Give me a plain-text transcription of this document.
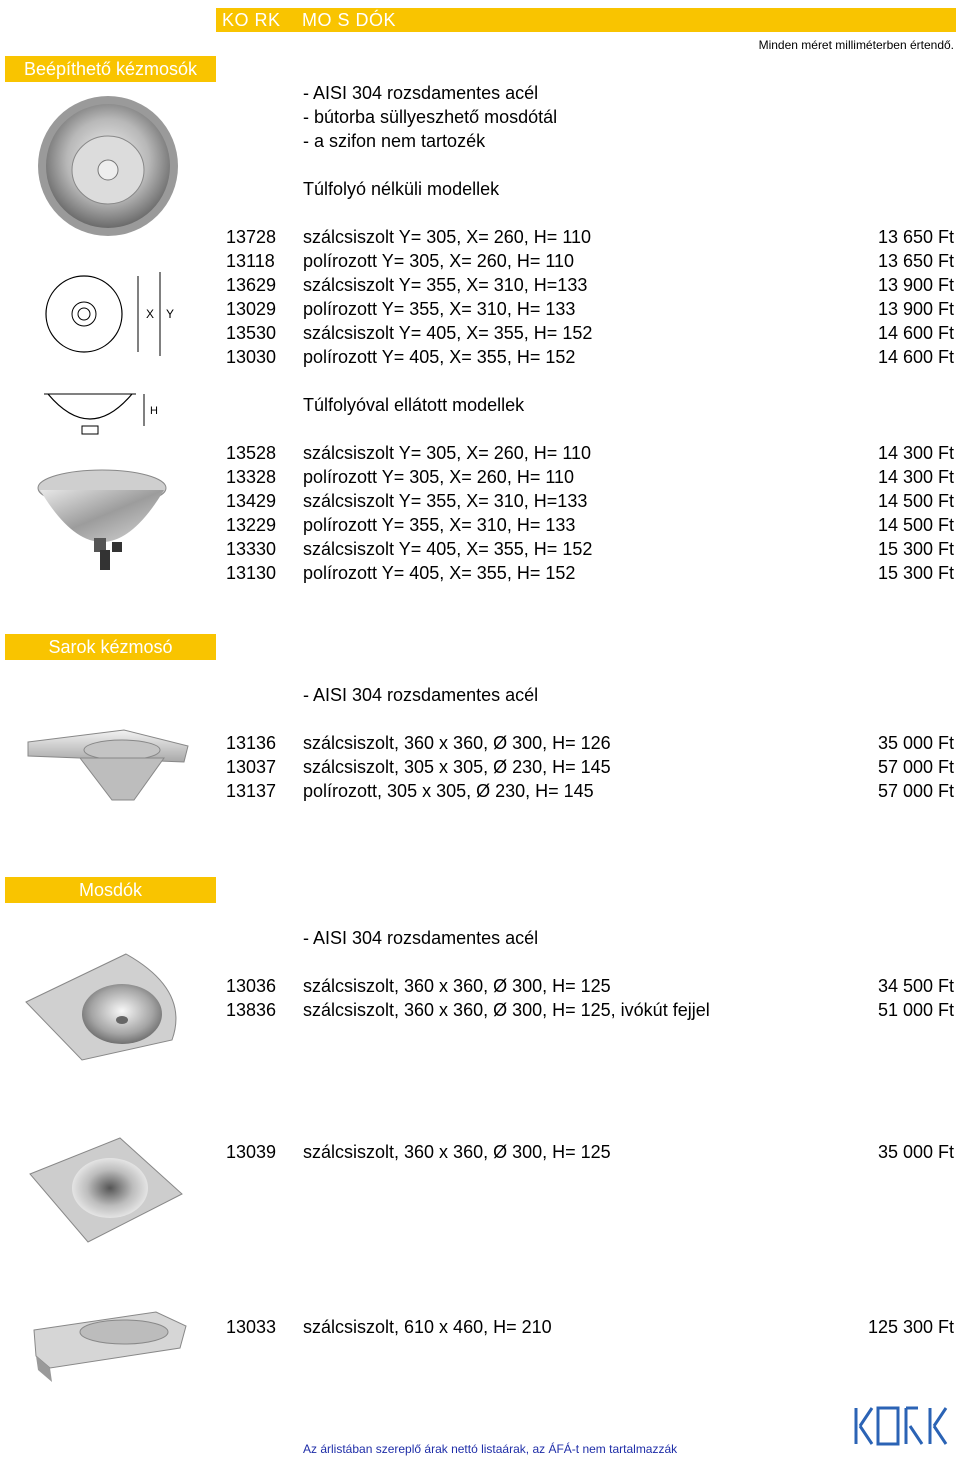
KO RK MO S DÓK
Minden méret milliméterben értendő.
Beépíthető kézmosók
- AISI 304 rozsdamentes acél
- bútorba süllyeszhető mosdótál
- a szifon nem tartozék
Túlfolyó nélküli modellek
13728 szálcsiszolt Y= 305, X= 260, H= 110	13 650 Ft
13118 polírozott Y= 305, X= 260, H= 110	13 650 Ft
13629 szálcsiszolt Y= 355, X= 310, H=133	13 900 Ft
13029 polírozott Y= 355, X= 310, H= 133	13 900 Ft
13530 szálcsiszolt Y= 405, X= 355, H= 152	14 600 Ft
13030 polírozott Y= 405, X= 355, H= 152	14 600 Ft
Túlfolyóval ellátott modellek
13528 szálcsiszolt Y= 305, X= 260, H= 110	14 300 Ft
13328 polírozott Y= 305, X= 260, H= 110	14 300 Ft
13429 szálcsiszolt Y= 355, X= 310, H=133	14 500 Ft
13229 polírozott Y= 355, X= 310, H= 133	14 500 Ft
13330 szálcsiszolt Y= 405, X= 355, H= 152	15 300 Ft
13130 polírozott Y= 405, X= 355, H= 152	15 300 Ft
X Y
H
Sarok kézmosó
- AISI 304 rozsdamentes acél
13136 szálcsiszolt, 360 x 360, Ø 300, H= 126	35 000 Ft
13037 szálcsiszolt, 305 x 305, Ø 230, H= 145	57 000 Ft
13137 polírozott, 305 x 305, Ø 230, H= 145	57 000 Ft
Mosdók
- AISI 304 rozsdamentes acél
13036 szálcsiszolt, 360 x 360, Ø 300, H= 125	34 500 Ft
13836 szálcsiszolt, 360 x 360, Ø 300, H= 125, ivókút fejjel	51 000 Ft
13039 szálcsiszolt, 360 x 360, Ø 300, H= 125	35 000 Ft
13033 szálcsiszolt, 610 x 460, H= 210	125 300 Ft
Az árlistában szereplő árak nettó listaárak, az ÁFÁ-t nem tartalmazzák
